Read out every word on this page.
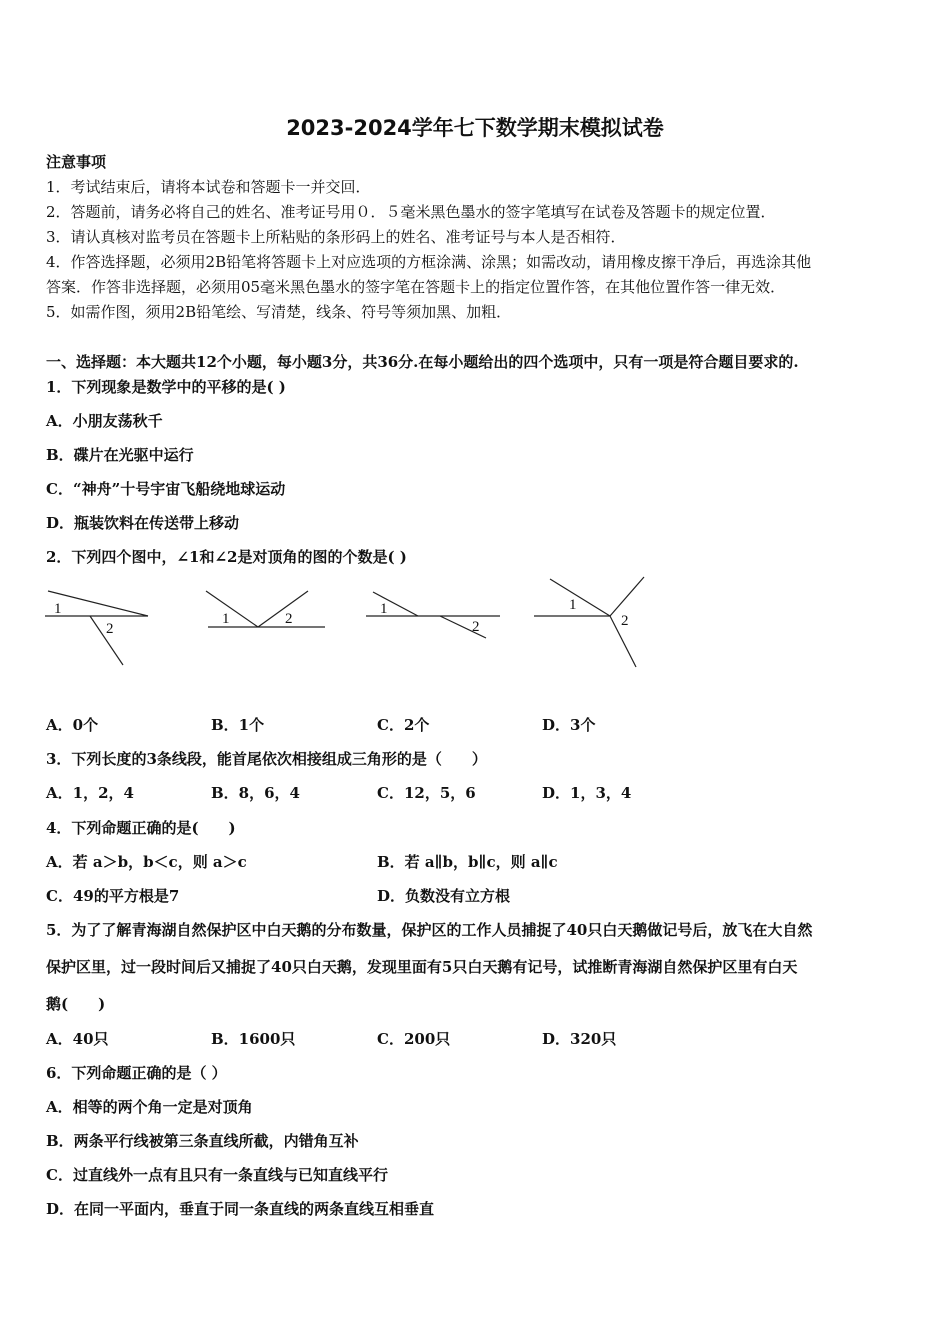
2023-2024学年七下数学期末模拟试卷
注意事项
1．考试结束后，请将本试卷和答题卡一并交回．
2．答题前，请务必将自己的姓名、准考证号用０．５毫米黑色墨水的签字笔填写在试卷及答题卡的规定位置．
3．请认真核对监考员在答题卡上所粘贴的条形码上的姓名、准考证号与本人是否相符．
4．作答选择题，必须用2B铅笔将答题卡上对应选项的方框涂满、涂黑；如需改动，请用橡皮擦干净后，再选涂其他
答案．作答非选择题，必须用05毫米黑色墨水的签字笔在答题卡上的指定位置作答，在其他位置作答一律无效．
5．如需作图，须用2B铅笔绘、写清楚，线条、符号等须加黑、加粗．
一、选择题：本大题共12个小题，每小题3分，共36分.在每小题给出的四个选项中，只有一项是符合题目要求的.
1．下列现象是数学中的平移的是( )
A．小朋友荡秋千
B．碟片在光驱中运行
C．“神舟”十号宇宙飞船绕地球运动
D．瓶装饮料在传送带上移动
2．下列四个图中，∠1和∠2是对顶角的图的个数是( )
1
2
1	2
1
2
1
2
A．0个	B．1个	C．2个	D．3个
3．下列长度的3条线段，能首尾依次相接组成三角形的是（　　）
A．1，2，4	B．8，6，4	C．12，5，6	D．1，3，4
4．下列命题正确的是(　　)
A．若 a＞b，b＜c，则 a＞c	B．若 a∥b，b∥c，则 a∥c
C．49的平方根是7	D．负数没有立方根
5．为了了解青海湖自然保护区中白天鹅的分布数量，保护区的工作人员捕捉了40只白天鹅做记号后，放飞在大自然
保护区里，过一段时间后又捕捉了40只白天鹅，发现里面有5只白天鹅有记号，试推断青海湖自然保护区里有白天
鹅(　　)
A．40只	B．1600只	C．200只	D．320只
6．下列命题正确的是（ ）
A．相等的两个角一定是对顶角
B．两条平行线被第三条直线所截，内错角互补
C．过直线外一点有且只有一条直线与已知直线平行
D．在同一平面内，垂直于同一条直线的两条直线互相垂直
